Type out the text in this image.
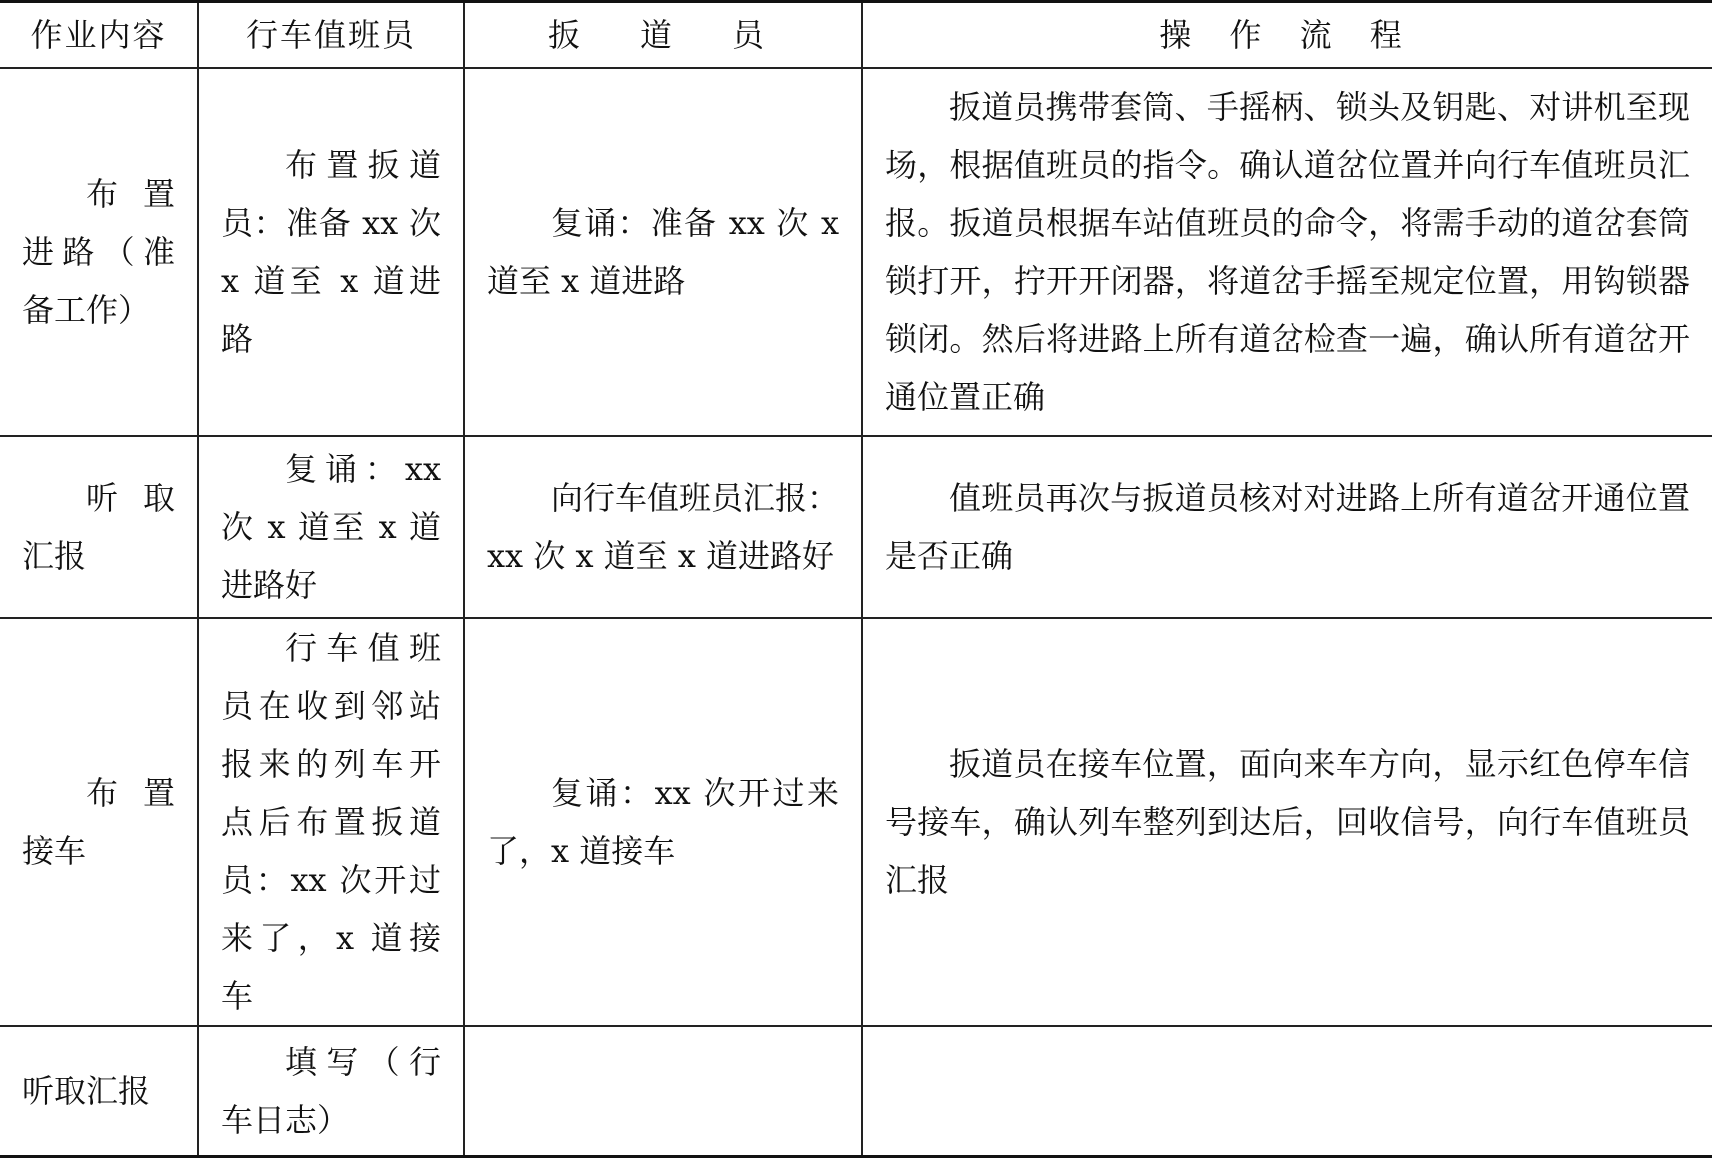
作业内容	行车值班员	扳　道　员	操 作 流 程
布置进路（准备工作）	布置扳道员：准备 xx 次 x 道至 x 道进路	复诵：准备 xx 次 x 道至 x 道进路	扳道员携带套筒、手摇柄、锁头及钥匙、对讲机至现场，根据值班员的指令。确认道岔位置并向行车值班员汇报。扳道员根据车站值班员的命令，将需手动的道岔套筒锁打开，拧开开闭器，将道岔手摇至规定位置，用钩锁器锁闭。然后将进路上所有道岔检查一遍，确认所有道岔开通位置正确
听取汇报	复诵：xx 次 x 道至 x 道进路好	向行车值班员汇报：xx 次 x 道至 x 道进路好	值班员再次与扳道员核对对进路上所有道岔开通位置是否正确
布置接车	行车值班员在收到邻站报来的列车开点后布置扳道员：xx 次开过来了，x 道接车	复诵：xx 次开过来了，x 道接车	扳道员在接车位置，面向来车方向，显示红色停车信号接车，确认列车整列到达后，回收信号，向行车值班员汇报
听取汇报	填写（行车日志）		
